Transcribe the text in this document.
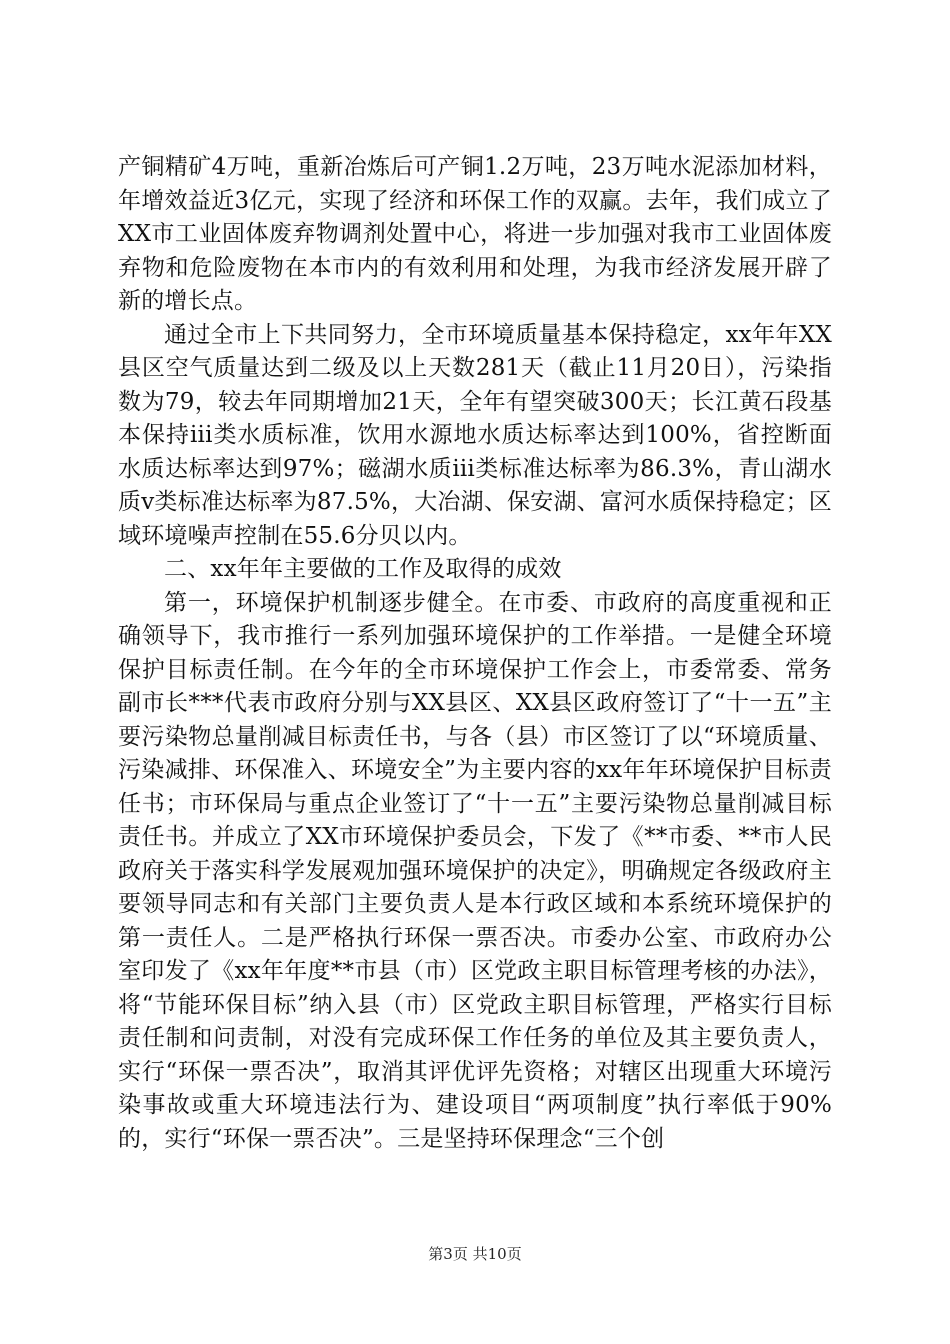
产铜精矿4万吨，重新冶炼后可产铜1.2万吨，23万吨水泥添加材料，年增效益近3亿元，实现了经济和环保工作的双赢。去年，我们成立了XX市工业固体废弃物调剂处置中心，将进一步加强对我市工业固体废弃物和危险废物在本市内的有效利用和处理，为我市经济发展开辟了新的增长点。

通过全市上下共同努力，全市环境质量基本保持稳定，xx年年XX县区空气质量达到二级及以上天数281天（截止11月20日），污染指数为79，较去年同期增加21天，全年有望突破300天；长江黄石段基本保持iii类水质标准，饮用水源地水质达标率达到100%，省控断面水质达标率达到97%；磁湖水质iii类标准达标率为86.3%，青山湖水质v类标准达标率为87.5%，大冶湖、保安湖、富河水质保持稳定；区域环境噪声控制在55.6分贝以内。

二、xx年年主要做的工作及取得的成效

第一，环境保护机制逐步健全。在市委、市政府的高度重视和正确领导下，我市推行一系列加强环境保护的工作举措。一是健全环境保护目标责任制。在今年的全市环境保护工作会上，市委常委、常务副市长***代表市政府分别与XX县区、XX县区政府签订了“十一五”主要污染物总量削减目标责任书，与各（县）市区签订了以“环境质量、污染减排、环保准入、环境安全”为主要内容的xx年年环境保护目标责任书；市环保局与重点企业签订了“十一五”主要污染物总量削减目标责任书。并成立了XX市环境保护委员会，下发了《**市委、**市人民政府关于落实科学发展观加强环境保护的决定》，明确规定各级政府主要领导同志和有关部门主要负责人是本行政区域和本系统环境保护的第一责任人。二是严格执行环保一票否决。市委办公室、市政府办公室印发了《xx年年度**市县（市）区党政主职目标管理考核的办法》，将“节能环保目标”纳入县（市）区党政主职目标管理，严格实行目标责任制和问责制，对没有完成环保工作任务的单位及其主要负责人，实行“环保一票否决”，取消其评优评先资格；对辖区出现重大环境污染事故或重大环境违法行为、建设项目“两项制度”执行率低于90%的，实行“环保一票否决”。三是坚持环保理念“三个创

第3页 共10页
